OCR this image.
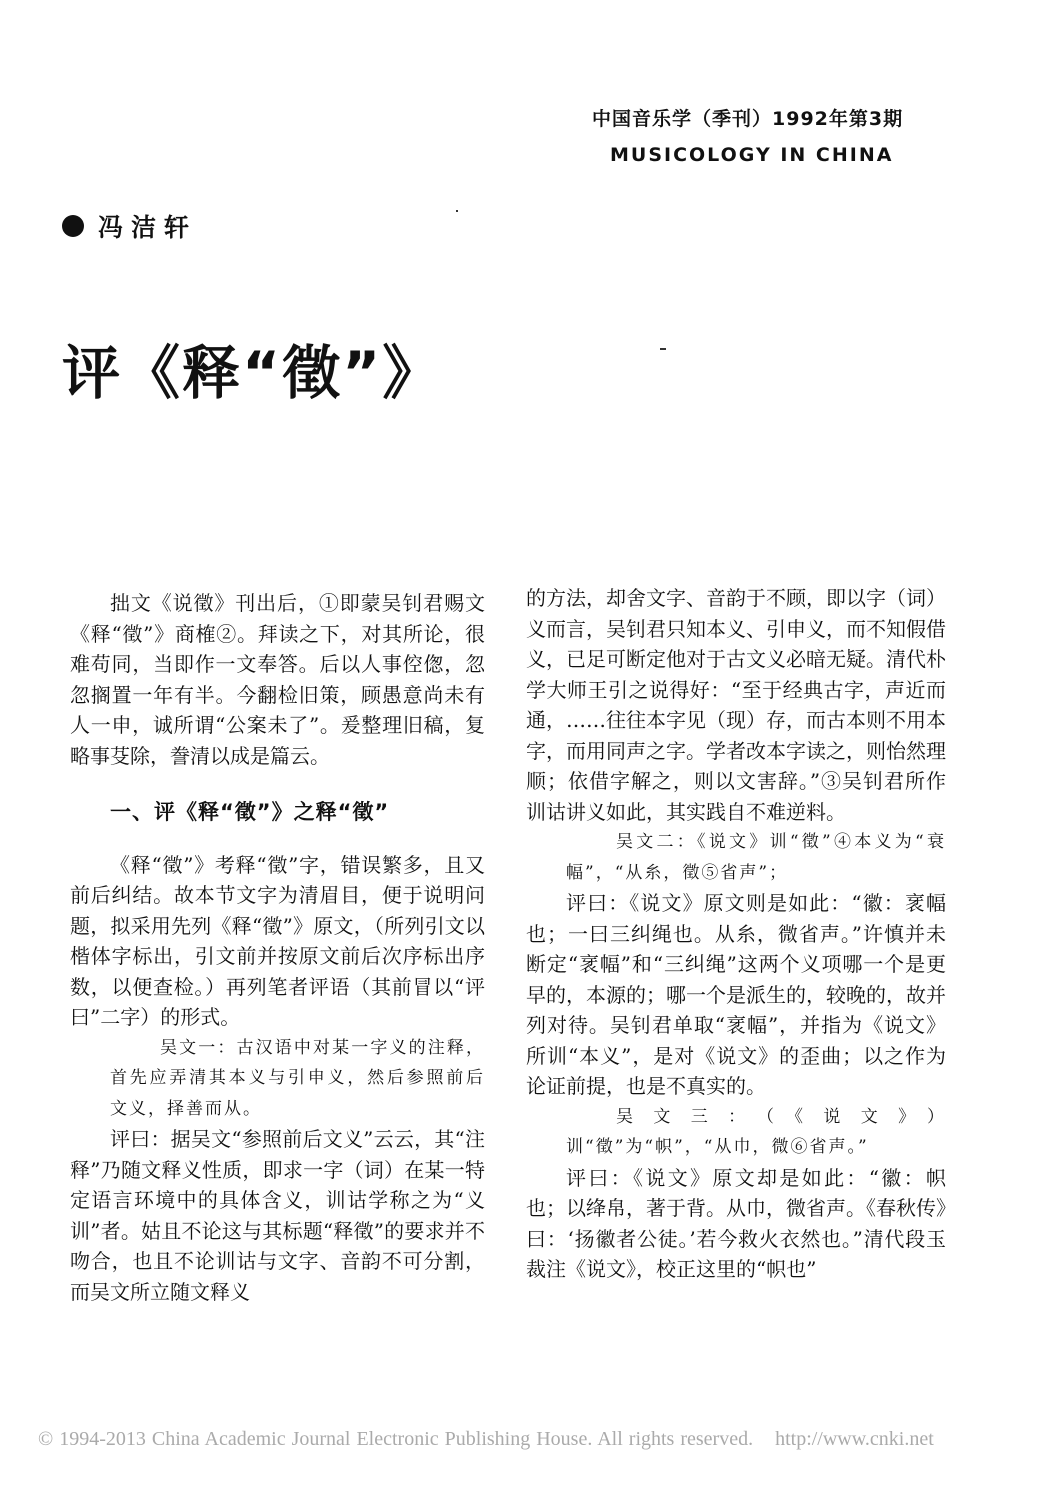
中国音乐学（季刊）1992年第3期
MUSICOLOGY IN CHINA
冯洁轩
评《释“徵”》

拙文《说徵》刊出后，①即蒙吴钊君赐文《释“徵”》商榷②。拜读之下，对其所论，很难苟同，当即作一文奉答。后以人事倥偬，忽忽搁置一年有半。今翻检旧策，顾愚意尚未有人一申，诚所谓“公案未了”。爰整理旧稿，复略事芟除，誊清以成是篇云。

一、评《释“徵”》之释“徵”

《释“徵”》考释“徵”字，错误繁多，且又前后纠结。故本节文字为清眉目，便于说明问题，拟采用先列《释“徵”》原文，（所列引文以楷体字标出，引文前并按原文前后次序标出序数，以便查检。）再列笔者评语（其前冒以“评曰”二字）的形式。

吴文一：古汉语中对某一字义的注释，首先应弄清其本义与引申义，然后参照前后文义，择善而从。

评曰：据吴文“参照前后文义”云云，其“注释”乃随文释义性质，即求一字（词）在某一特定语言环境中的具体含义，训诂学称之为“义训”者。姑且不论这与其标题“释徵”的要求并不吻合，也且不论训诂与文字、音韵不可分割，而吴文所立随文释义

的方法，却舍文字、音韵于不顾，即以字（词）义而言，吴钊君只知本义、引申义，而不知假借义，已足可断定他对于古文义必暗无疑。清代朴学大师王引之说得好：“至于经典古字，声近而通，……往往本字见（现）存，而古本则不用本字，而用同声之字。学者改本字读之，则怡然理顺；依借字解之，则以文害辞。”③吴钊君所作训诂讲义如此，其实践自不难逆料。

吴文二：《说文》训“徵”④本义为“衰幅”，“从糸，徵⑤省声”；

评曰：《说文》原文则是如此：“徽：衺幅也；一曰三纠绳也。从糸，微省声。”许慎并未断定“衺幅”和“三纠绳”这两个义项哪一个是更早的，本源的；哪一个是派生的，较晚的，故并列对待。吴钊君单取“衺幅”，并指为《说文》所训“本义”，是对《说文》的歪曲；以之作为论证前提，也是不真实的。

吴文三：（《说文》）训“徵”为“帜”，“从巾，微⑥省声。”

评曰：《说文》原文却是如此：“徽：帜也；以绛帛，著于背。从巾，微省声。《春秋传》曰：‘扬徽者公徒。’若今救火衣然也。”清代段玉裁注《说文》，校正这里的“帜也”

© 1994-2013 China Academic Journal Electronic Publishing House. All rights reserved. http://www.cnki.net
